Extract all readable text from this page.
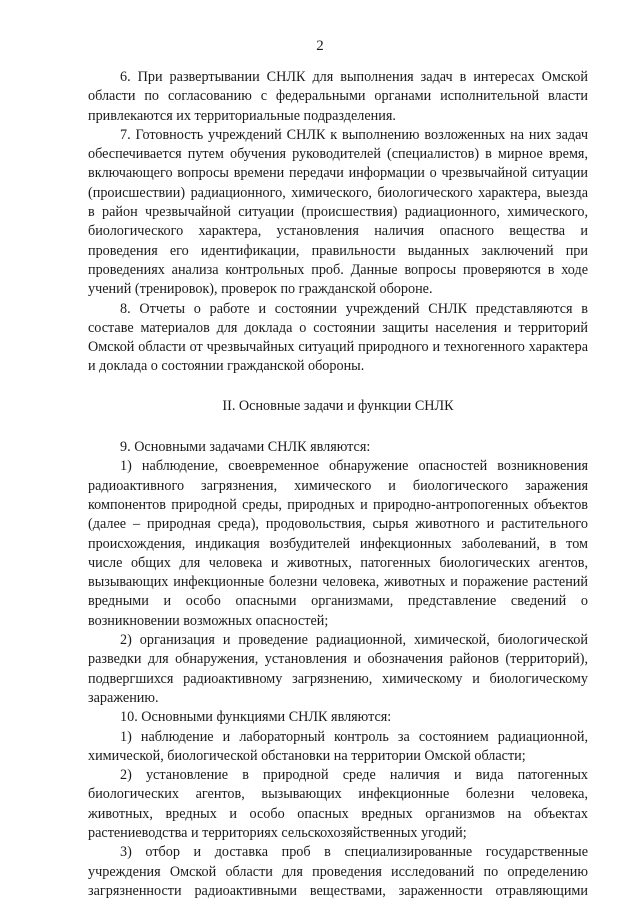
2

6. При развертывании СНЛК для выполнения задач в интересах Омской области по согласованию с федеральными органами исполнительной власти привлекаются их территориальные подразделения.

7. Готовность учреждений СНЛК к выполнению возложенных на них задач обеспечивается путем обучения руководителей (специалистов) в мирное время, включающего вопросы времени передачи информации о чрезвычайной ситуации (происшествии) радиационного, химического, биологического характера, выезда в район чрезвычайной ситуации (происшествия) радиационного, химического, биологического характера, установления наличия опасного вещества и проведения его идентификации, правильности выданных заключений при проведениях анализа контрольных проб. Данные вопросы проверяются в ходе учений (тренировок), проверок по гражданской обороне.

8. Отчеты о работе и состоянии учреждений СНЛК представляются в составе материалов для доклада о состоянии защиты населения и территорий Омской области от чрезвычайных ситуаций природного и техногенного характера и доклада о состоянии гражданской обороны.

II. Основные задачи и функции СНЛК

9. Основными задачами СНЛК являются:

1) наблюдение, своевременное обнаружение опасностей возникновения радиоактивного загрязнения, химического и биологического заражения компонентов природной среды, природных и природно-антропогенных объектов (далее – природная среда), продовольствия, сырья животного и растительного происхождения, индикация возбудителей инфекционных заболеваний, в том числе общих для человека и животных, патогенных биологических агентов, вызывающих инфекционные болезни человека, животных и поражение растений вредными и особо опасными организмами, представление сведений о возникновении возможных опасностей;

2) организация и проведение радиационной, химической, биологической разведки для обнаружения, установления и обозначения районов (территорий), подвергшихся радиоактивному загрязнению, химическому и биологическому заражению.

10. Основными функциями СНЛК являются:

1) наблюдение и лабораторный контроль за состоянием радиационной, химической, биологической обстановки на территории Омской области;

2) установление в природной среде наличия и вида патогенных биологических агентов, вызывающих инфекционные болезни человека, животных, вредных и особо опасных вредных организмов на объектах растениеводства и территориях сельскохозяйственных угодий;

3) отбор и доставка проб в специализированные государственные учреждения Омской области для проведения исследований по определению загрязненности радиоактивными веществами, зараженности отравляющими
